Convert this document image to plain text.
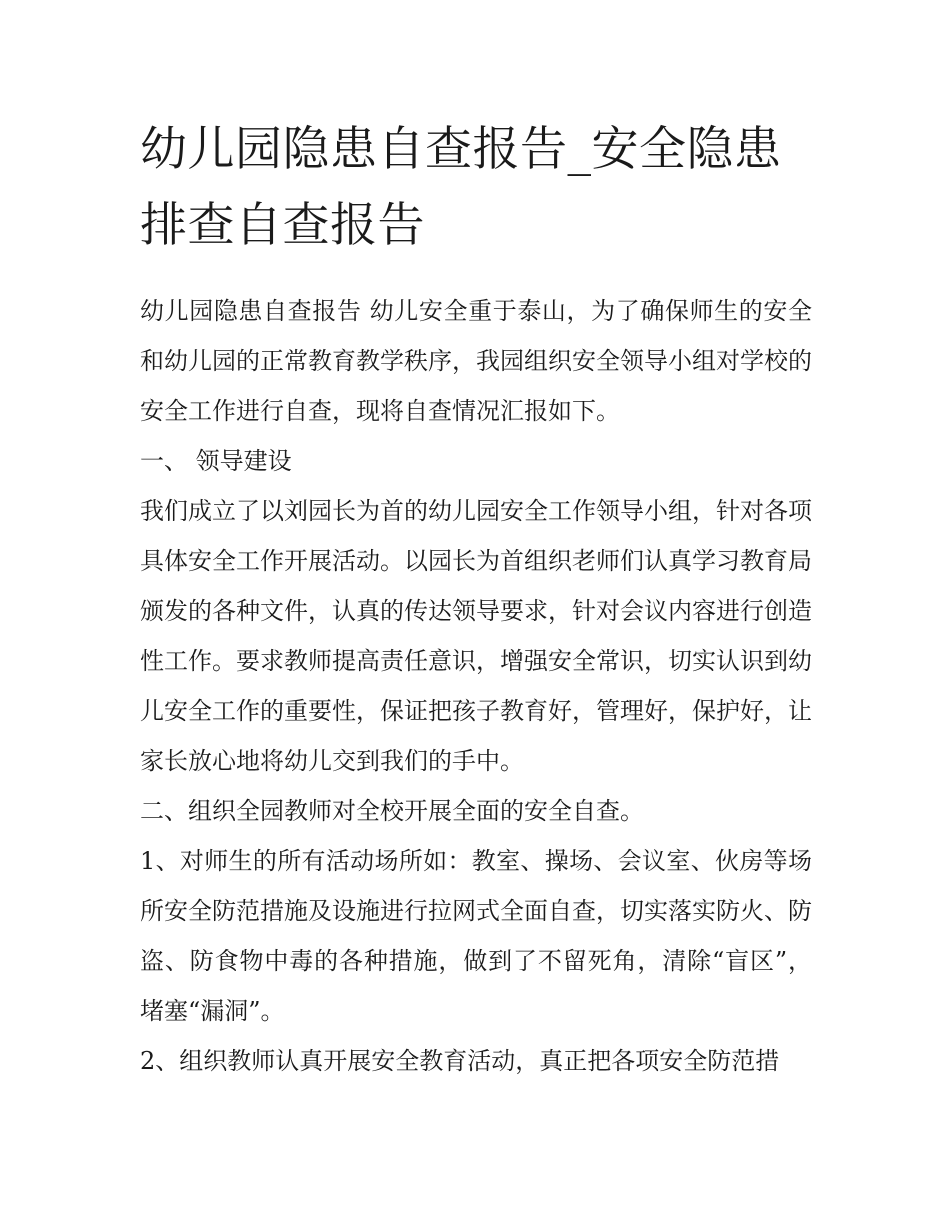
幼儿园隐患自查报告_安全隐患排查自查报告

幼儿园隐患自查报告 幼儿安全重于泰山，为了确保师生的安全和幼儿园的正常教育教学秩序，我园组织安全领导小组对学校的安全工作进行自查，现将自查情况汇报如下。

一、 领导建设

我们成立了以刘园长为首的幼儿园安全工作领导小组，针对各项具体安全工作开展活动。以园长为首组织老师们认真学习教育局颁发的各种文件，认真的传达领导要求，针对会议内容进行创造性工作。要求教师提高责任意识，增强安全常识，切实认识到幼儿安全工作的重要性，保证把孩子教育好，管理好，保护好，让家长放心地将幼儿交到我们的手中。

二、组织全园教师对全校开展全面的安全自查。

1、对师生的所有活动场所如：教室、操场、会议室、伙房等场所安全防范措施及设施进行拉网式全面自查，切实落实防火、防盗、防食物中毒的各种措施，做到了不留死角，清除“盲区”，堵塞“漏洞”。

2、组织教师认真开展安全教育活动，真正把各项安全防范措
